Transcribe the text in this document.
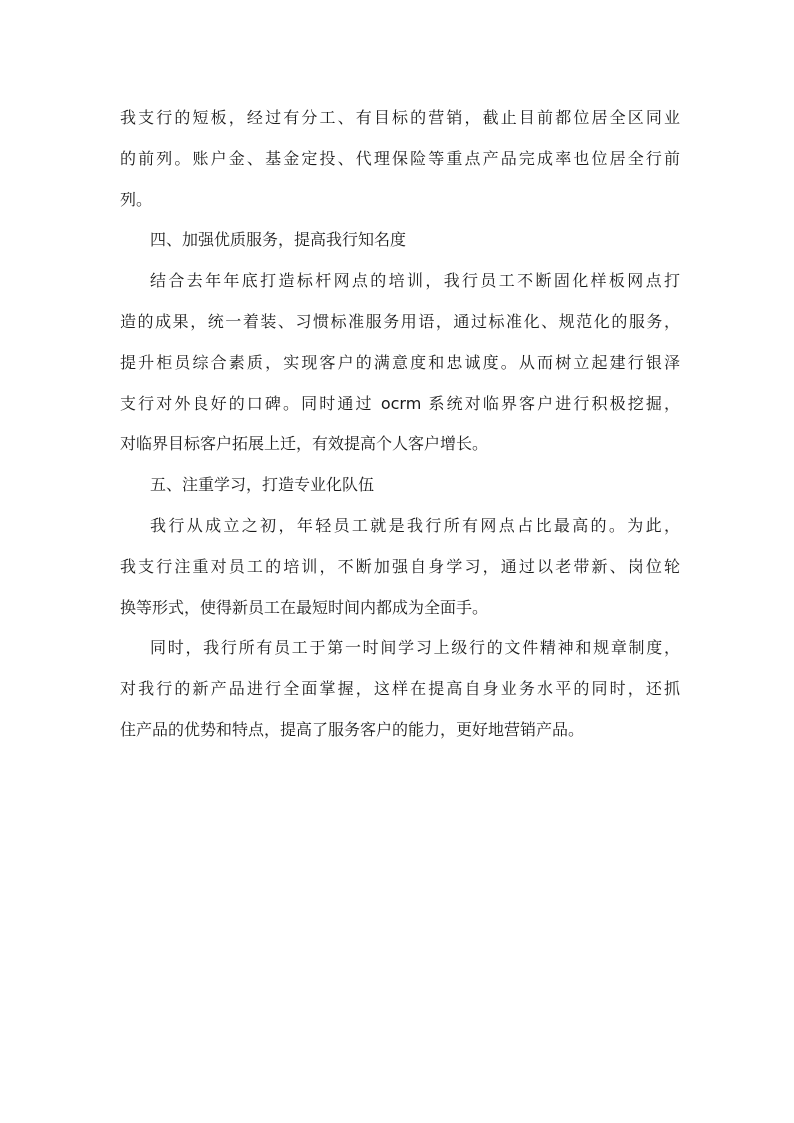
我支行的短板，经过有分工、有目标的营销，截止目前都位居全区同业
的前列。账户金、基金定投、代理保险等重点产品完成率也位居全行前
列。
四、加强优质服务，提高我行知名度
结合去年年底打造标杆网点的培训，我行员工不断固化样板网点打
造的成果，统一着装、习惯标准服务用语，通过标准化、规范化的服务，
提升柜员综合素质，实现客户的满意度和忠诚度。从而树立起建行银泽
支行对外良好的口碑。同时通过 ocrm 系统对临界客户进行积极挖掘，
对临界目标客户拓展上迁，有效提高个人客户增长。
五、注重学习，打造专业化队伍
我行从成立之初，年轻员工就是我行所有网点占比最高的。为此，
我支行注重对员工的培训，不断加强自身学习，通过以老带新、岗位轮
换等形式，使得新员工在最短时间内都成为全面手。
同时，我行所有员工于第一时间学习上级行的文件精神和规章制度，
对我行的新产品进行全面掌握，这样在提高自身业务水平的同时，还抓
住产品的优势和特点，提高了服务客户的能力，更好地营销产品。
